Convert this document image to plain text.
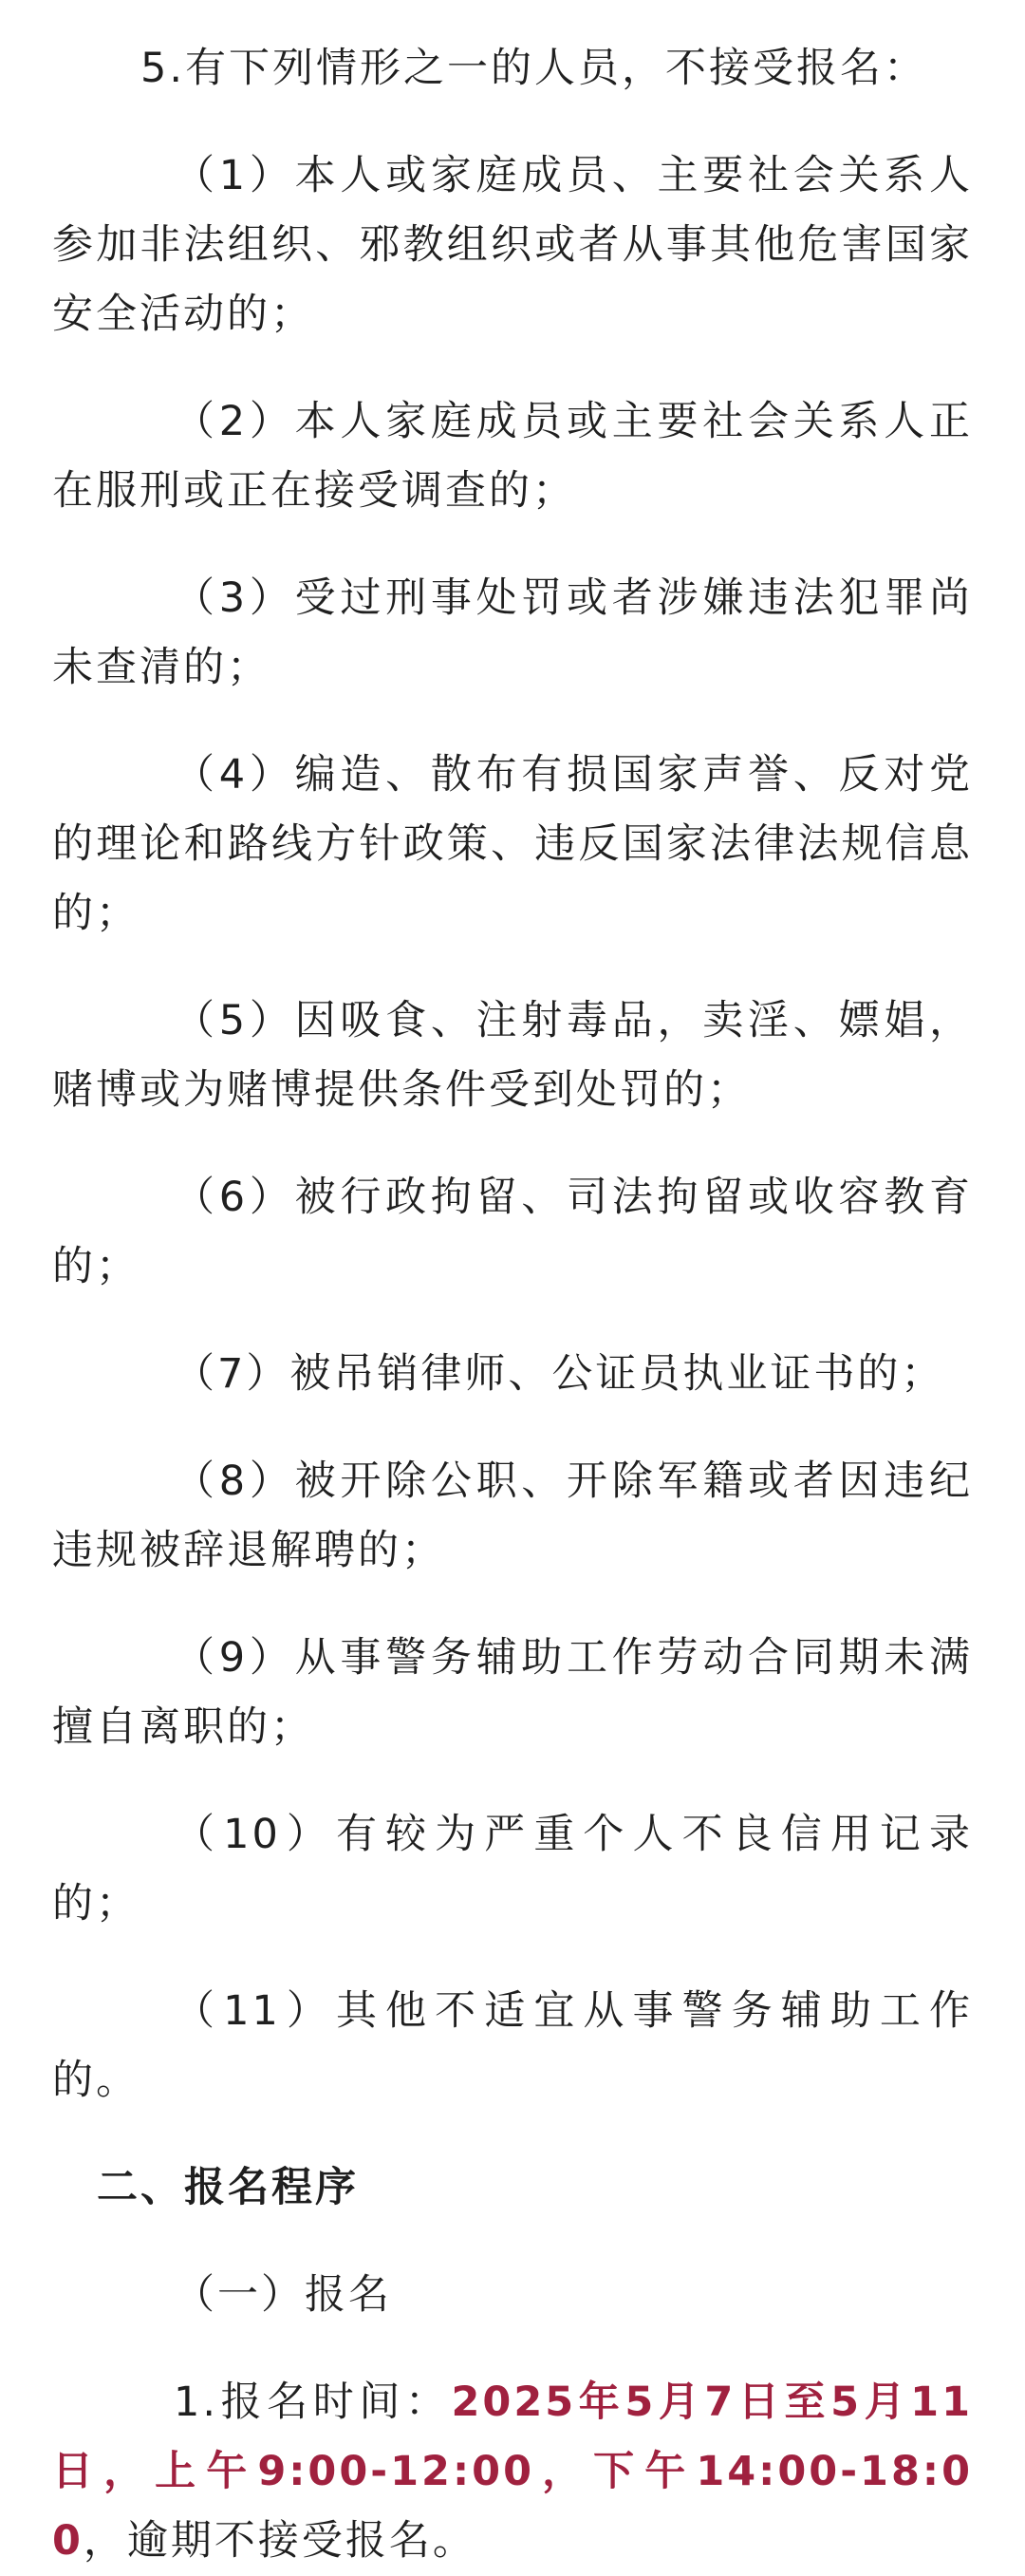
5.有下列情形之一的人员，不接受报名：

（1）本人或家庭成员、主要社会关系人参加非法组织、邪教组织或者从事其他危害国家安全活动的；

（2）本人家庭成员或主要社会关系人正在服刑或正在接受调查的；

（3）受过刑事处罚或者涉嫌违法犯罪尚未查清的；

（4）编造、散布有损国家声誉、反对党的理论和路线方针政策、违反国家法律法规信息的；

（5）因吸食、注射毒品，卖淫、嫖娼，赌博或为赌博提供条件受到处罚的；

（6）被行政拘留、司法拘留或收容教育的；

（7）被吊销律师、公证员执业证书的；

（8）被开除公职、开除军籍或者因违纪违规被辞退解聘的；

（9）从事警务辅助工作劳动合同期未满擅自离职的；

（10）有较为严重个人不良信用记录的；

（11）其他不适宜从事警务辅助工作的。

二、报名程序

（一）报名

1.报名时间：2025年5月7日至5月11日，上午9:00-12:00，下午14:00-18:00，逾期不接受报名。
